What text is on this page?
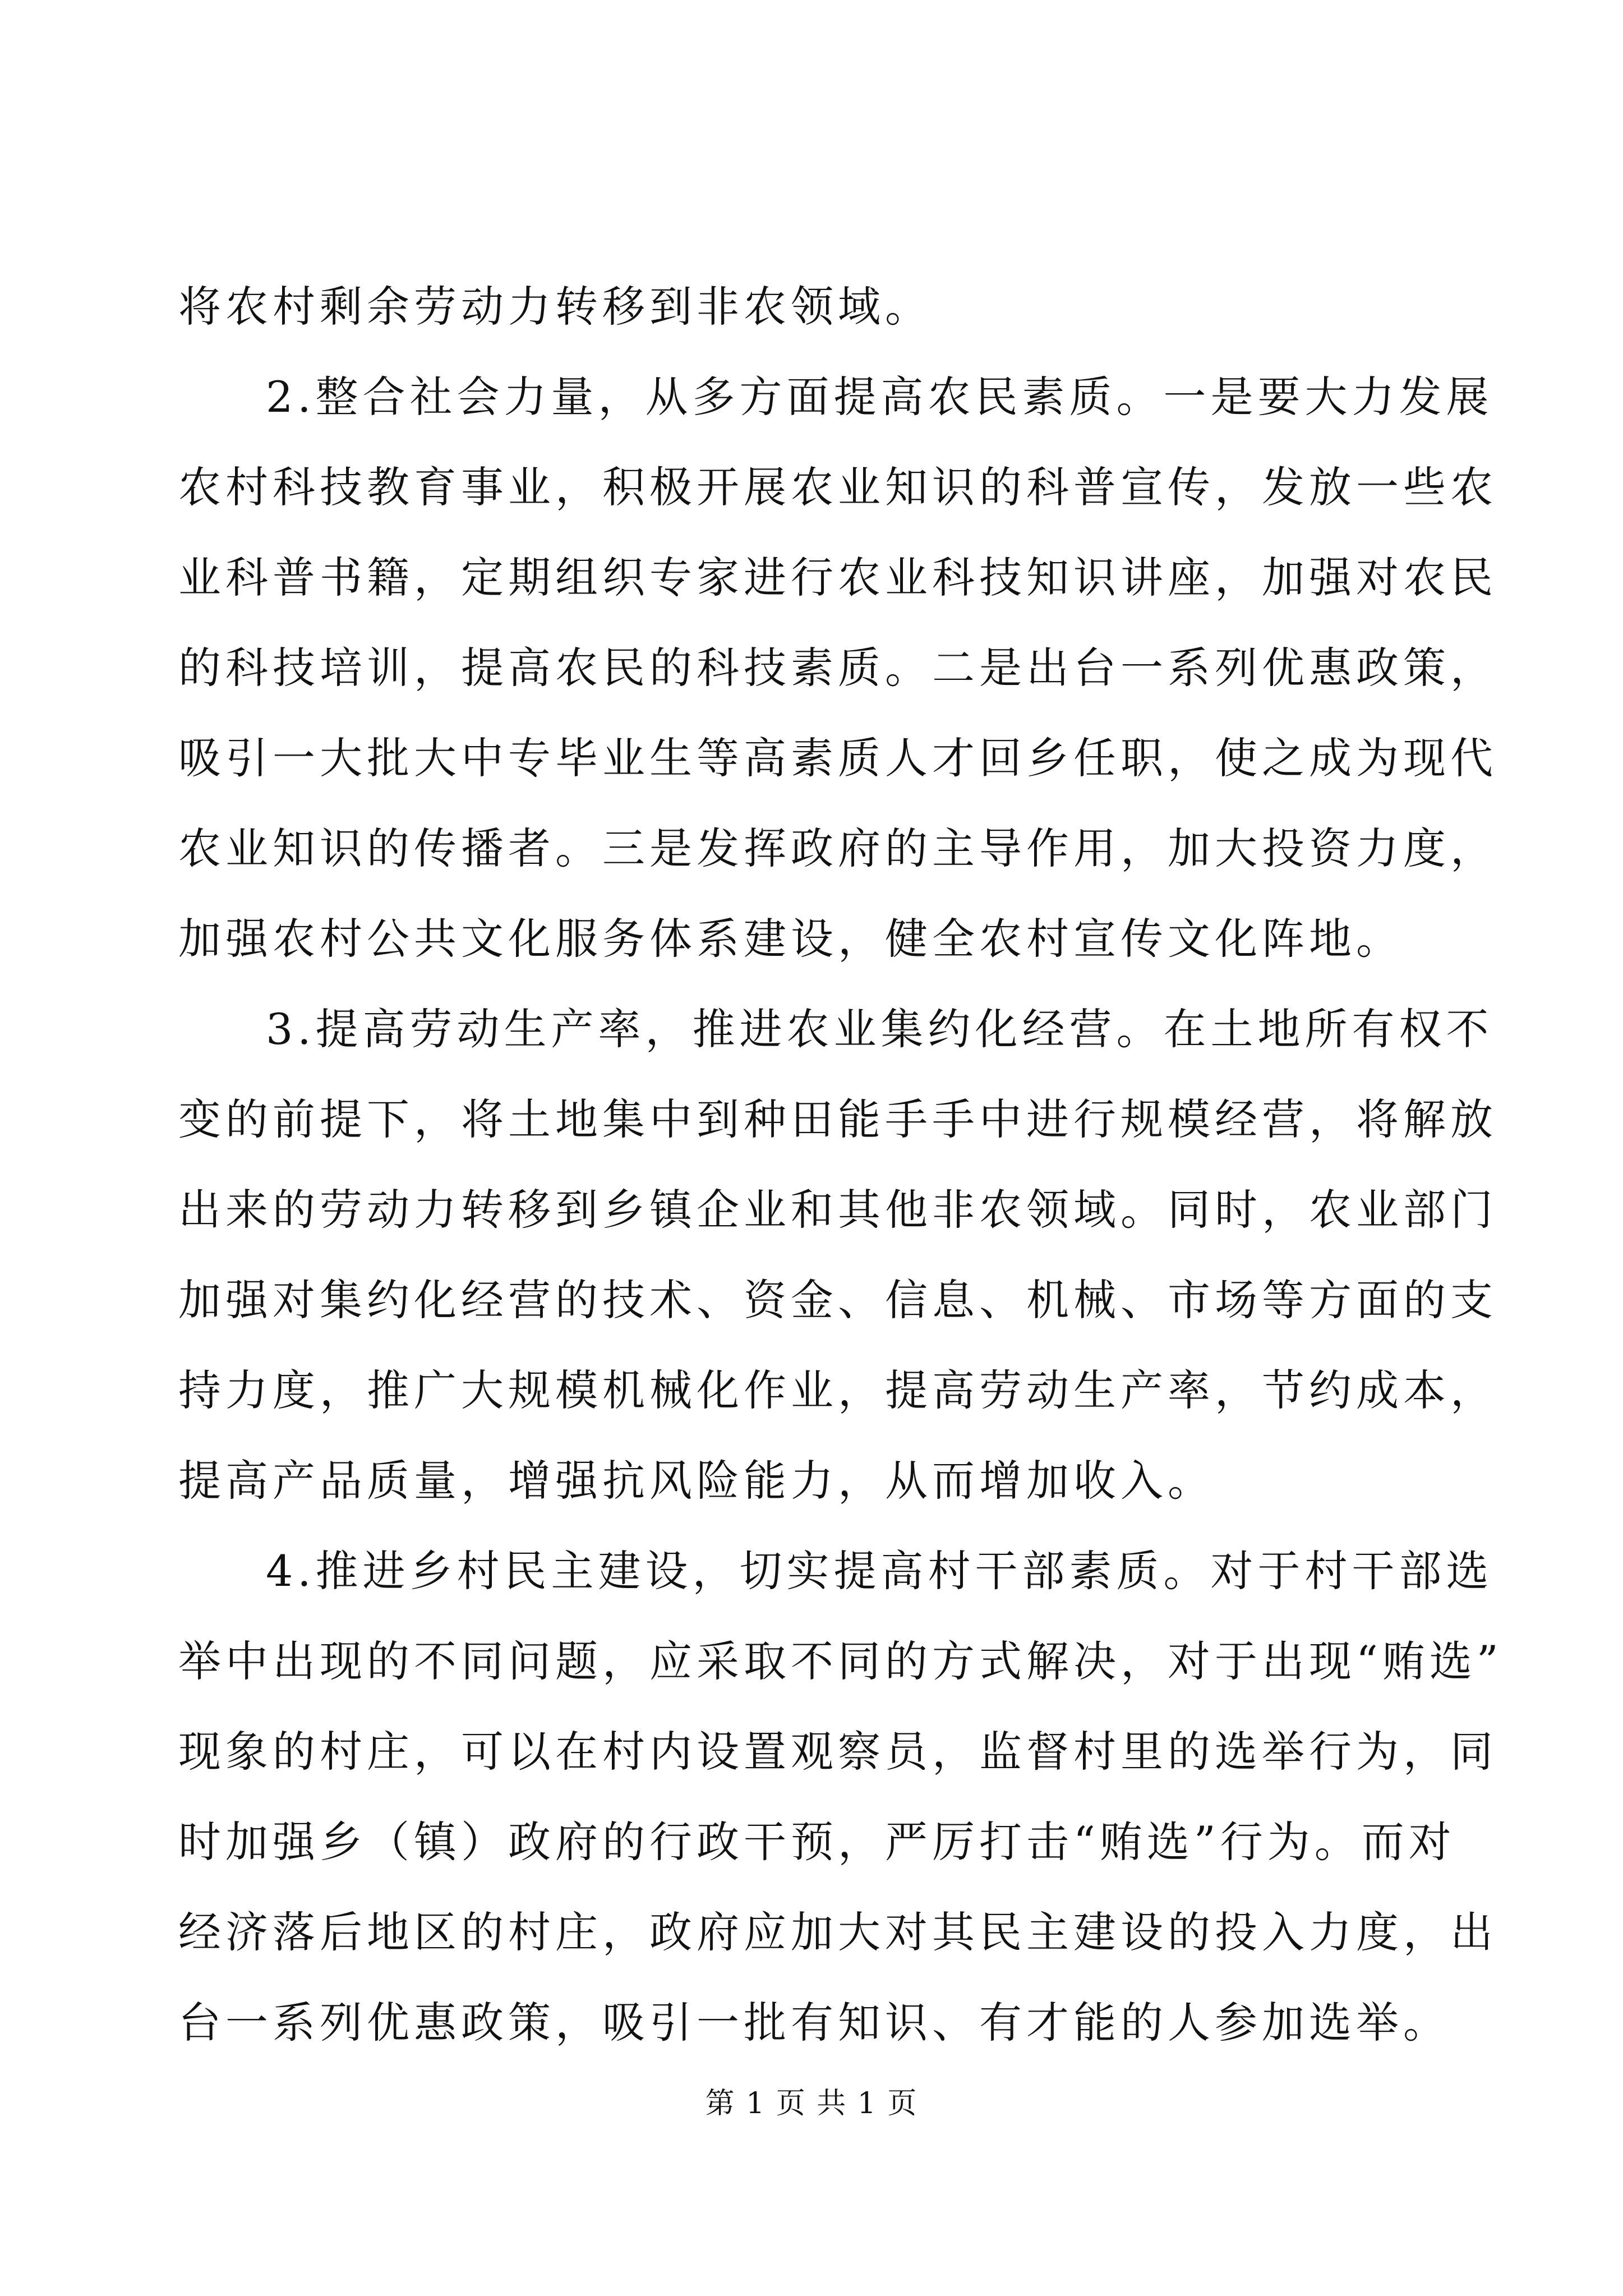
将农村剩余劳动力转移到非农领域。
2.整合社会力量，从多方面提高农民素质。一是要大力发展
农村科技教育事业，积极开展农业知识的科普宣传，发放一些农
业科普书籍，定期组织专家进行农业科技知识讲座，加强对农民
的科技培训，提高农民的科技素质。二是出台一系列优惠政策，
吸引一大批大中专毕业生等高素质人才回乡任职，使之成为现代
农业知识的传播者。三是发挥政府的主导作用，加大投资力度，
加强农村公共文化服务体系建设，健全农村宣传文化阵地。
3.提高劳动生产率，推进农业集约化经营。在土地所有权不
变的前提下，将土地集中到种田能手手中进行规模经营，将解放
出来的劳动力转移到乡镇企业和其他非农领域。同时，农业部门
加强对集约化经营的技术、资金、信息、机械、市场等方面的支
持力度，推广大规模机械化作业，提高劳动生产率，节约成本，
提高产品质量，增强抗风险能力，从而增加收入。
4.推进乡村民主建设，切实提高村干部素质。对于村干部选
举中出现的不同问题，应采取不同的方式解决，对于出现“贿选”
现象的村庄，可以在村内设置观察员，监督村里的选举行为，同
时加强乡（镇）政府的行政干预，严厉打击“贿选”行为。而对
经济落后地区的村庄，政府应加大对其民主建设的投入力度，出
台一系列优惠政策，吸引一批有知识、有才能的人参加选举。
第 1 页 共 1 页
